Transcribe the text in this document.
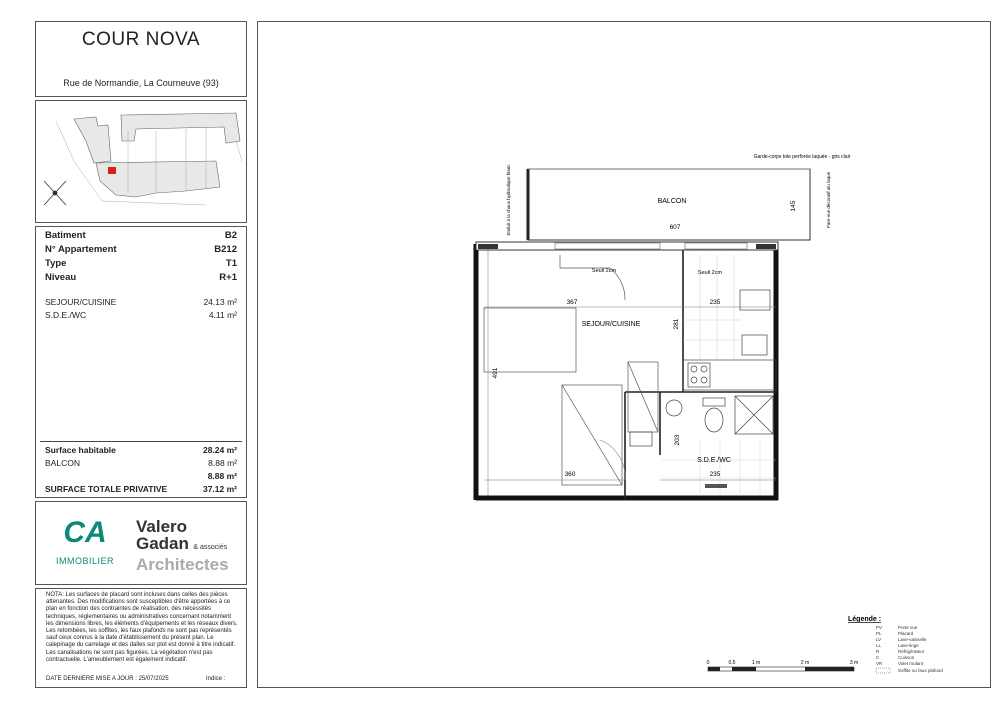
COUR NOVA
Rue de Normandie, La Courneuve (93)
Batiment	B2
N° Appartement	B212
Type	T1
Niveau	R+1
SEJOUR/CUISINE	24.13 m²
S.D.E./WC	4.11 m²
Surface habitable	28.24 m²
BALCON	8.88 m²
8.88 m²
SURFACE TOTALE PRIVATIVE	37.12 m²
CA
IMMOBILIER
Valero
Gadan & associés
Architectes
NOTA: Les surfaces de placard sont incluses dans celles des pièces attenantes. Des modifications sont susceptibles d'être apportées à ce plan en fonction des contraintes de réalisation, des nécessités techniques, réglementaires ou administratives concernant notamment les dimensions libres, les éléments d'équipements et les réseaux divers. Les retombées, les soffites, les faux plafonds ne sont pas représentés sauf ceux connus à la date d'établissement du présent plan. Le calepinage du carrelage et des dalles sur plot est donné à titre indicatif. Les canalisations ne sont pas figurées. La végétation n'est pas contractuelle. L'ameublement est également indicatif.
DATE DERNIERE MISE A JOUR : 25/07/2025	Indice :
BALCON
607
145
Garde-corps tole perforée laquée - gris clair
Enduit à la chaux hydraulique blanc	Pare-vue décoratif alu laqué
SEJOUR/CUISINE
S.D.E./WC
Seuil 2cm	Seuil 2cm
367	235
281
491
203
360	235
Légende :
PV	Porte vue
PL	Placard
LV	Lave-vaisselle
LL	Lave-linge
R	Réfrigérateur
C	Cuisson
VR	Volet roulant
Soffite ou faux plafond
0	0.5	1 m	2 m	3 m
